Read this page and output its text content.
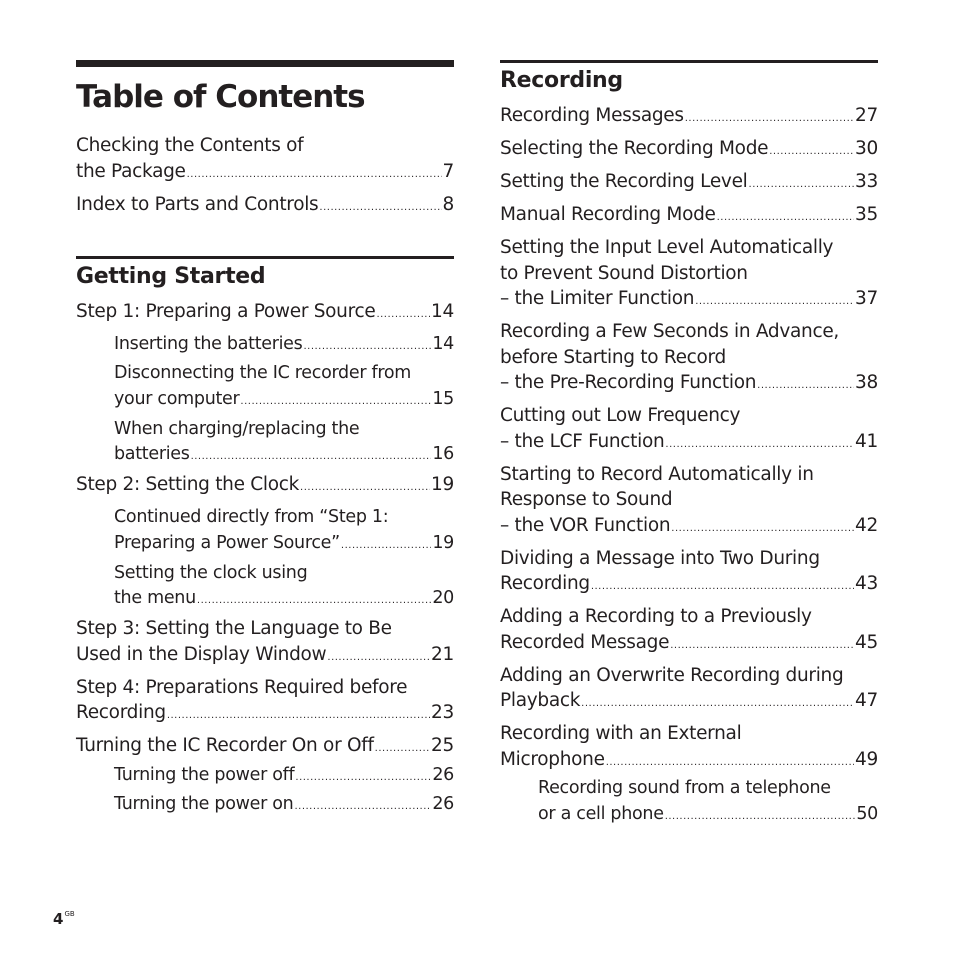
Table of Contents
Checking the Contents of
the Package .....	7
Index to Parts and Controls .....	8
Getting Started
Step 1: Preparing a Power Source .....	14
Inserting the batteries .....	14
Disconnecting the IC recorder from
your computer .....	15
When charging/replacing the
batteries .....	16
Step 2: Setting the Clock .....	19
Continued directly from “Step 1:
Preparing a Power Source” .....	19
Setting the clock using
the menu .....	20
Step 3: Setting the Language to Be
Used in the Display Window .....	21
Step 4: Preparations Required before
Recording .....	23
Turning the IC Recorder On or Off .....	25
Turning the power off .....	26
Turning the power on .....	26
Recording
Recording Messages .....	27
Selecting the Recording Mode .....	30
Setting the Recording Level .....	33
Manual Recording Mode .....	35
Setting the Input Level Automatically
to Prevent Sound Distortion
– the Limiter Function .....	37
Recording a Few Seconds in Advance,
before Starting to Record
– the Pre-Recording Function .....	38
Cutting out Low Frequency
– the LCF Function .....	41
Starting to Record Automatically in
Response to Sound
– the VOR Function .....	42
Dividing a Message into Two During
Recording .....	43
Adding a Recording to a Previously
Recorded Message .....	45
Adding an Overwrite Recording during
Playback .....	47
Recording with an External
Microphone .....	49
Recording sound from a telephone
or a cell phone .....	50
$4^{GB}$
